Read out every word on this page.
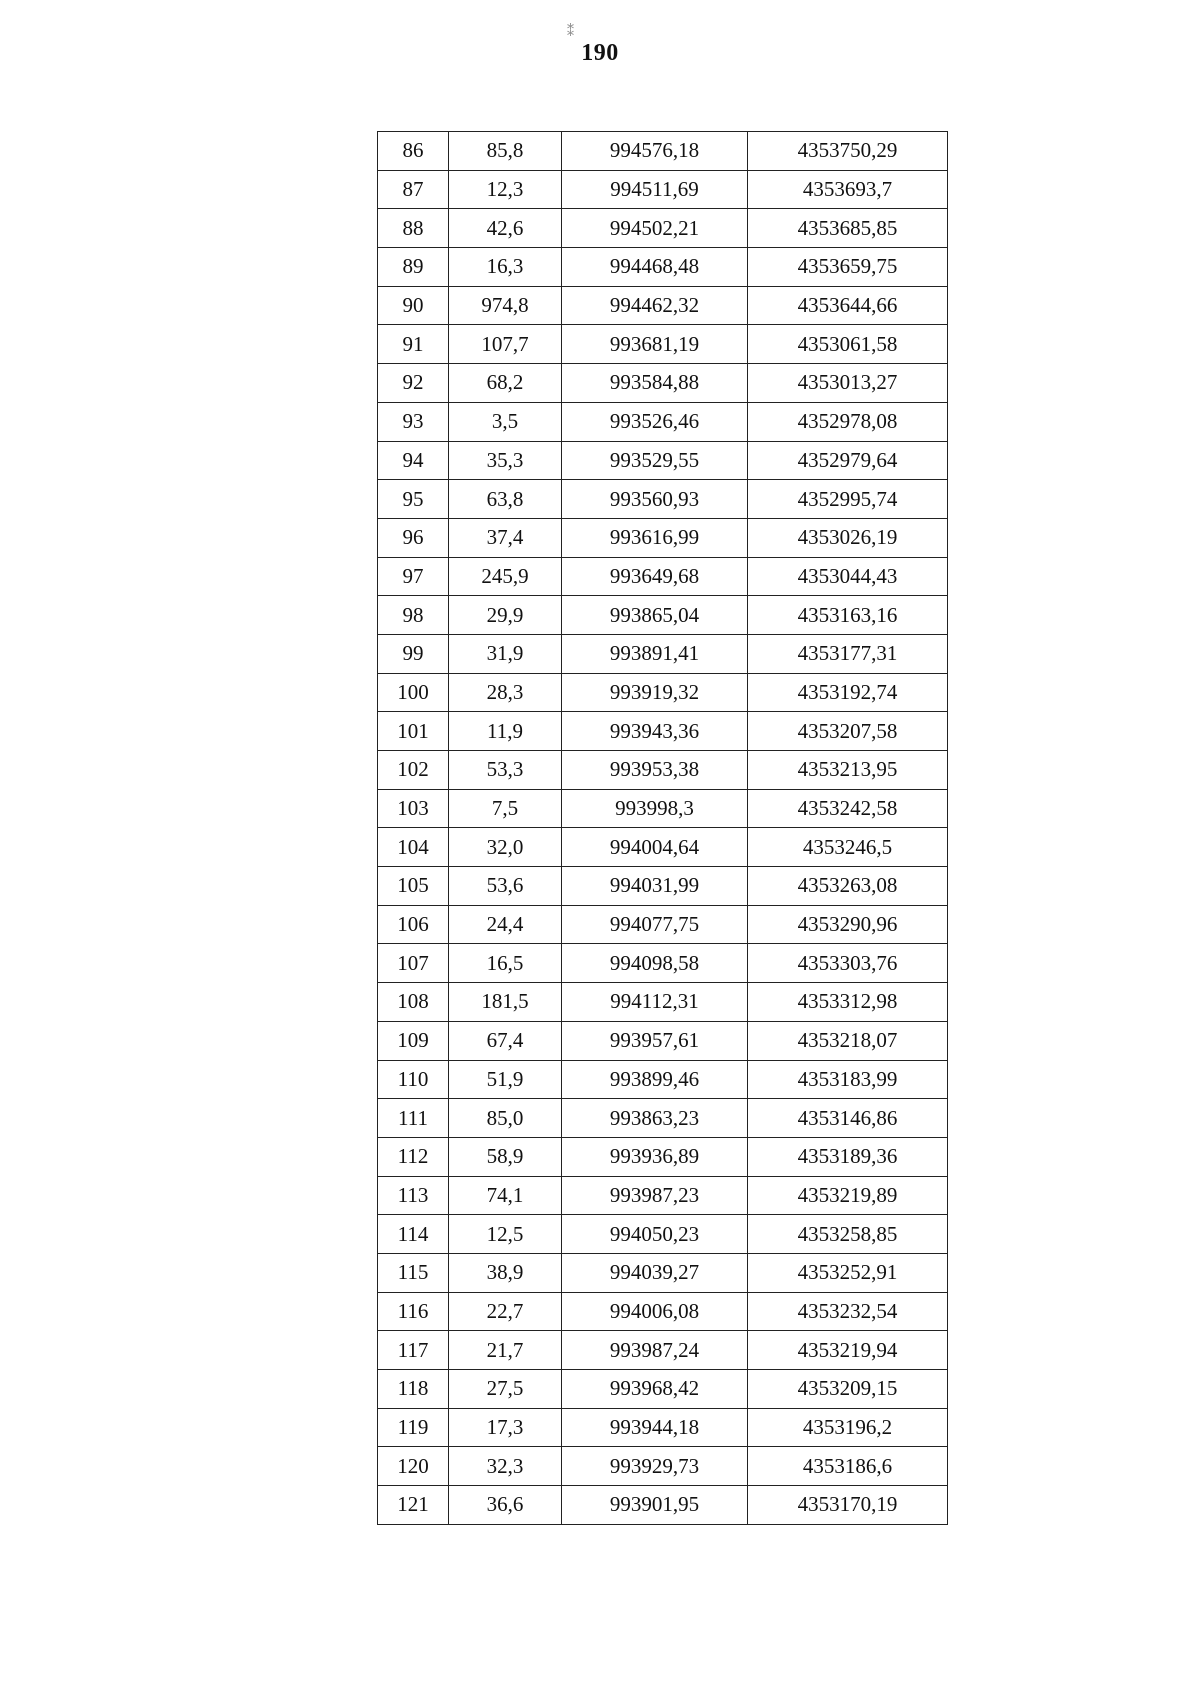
⁑
190
86	85,8	994576,18	4353750,29
87	12,3	994511,69	4353693,7
88	42,6	994502,21	4353685,85
89	16,3	994468,48	4353659,75
90	974,8	994462,32	4353644,66
91	107,7	993681,19	4353061,58
92	68,2	993584,88	4353013,27
93	3,5	993526,46	4352978,08
94	35,3	993529,55	4352979,64
95	63,8	993560,93	4352995,74
96	37,4	993616,99	4353026,19
97	245,9	993649,68	4353044,43
98	29,9	993865,04	4353163,16
99	31,9	993891,41	4353177,31
100	28,3	993919,32	4353192,74
101	11,9	993943,36	4353207,58
102	53,3	993953,38	4353213,95
103	7,5	993998,3	4353242,58
104	32,0	994004,64	4353246,5
105	53,6	994031,99	4353263,08
106	24,4	994077,75	4353290,96
107	16,5	994098,58	4353303,76
108	181,5	994112,31	4353312,98
109	67,4	993957,61	4353218,07
110	51,9	993899,46	4353183,99
111	85,0	993863,23	4353146,86
112	58,9	993936,89	4353189,36
113	74,1	993987,23	4353219,89
114	12,5	994050,23	4353258,85
115	38,9	994039,27	4353252,91
116	22,7	994006,08	4353232,54
117	21,7	993987,24	4353219,94
118	27,5	993968,42	4353209,15
119	17,3	993944,18	4353196,2
120	32,3	993929,73	4353186,6
121	36,6	993901,95	4353170,19
